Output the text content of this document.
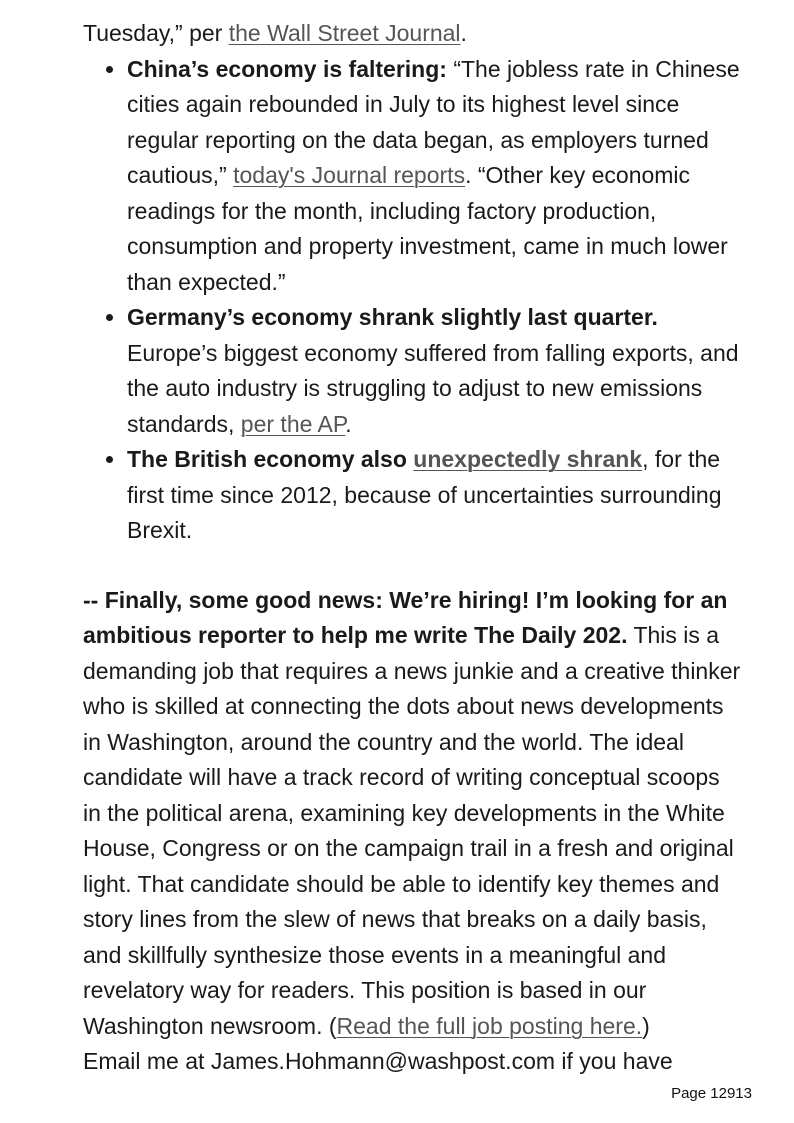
Tuesday,” per the Wall Street Journal.

• China’s economy is faltering: “The jobless rate in Chinese cities again rebounded in July to its highest level since regular reporting on the data began, as employers turned cautious,” today's Journal reports. “Other key economic readings for the month, including factory production, consumption and property investment, came in much lower than expected.”
• Germany’s economy shrank slightly last quarter. Europe’s biggest economy suffered from falling exports, and the auto industry is struggling to adjust to new emissions standards, per the AP.
• The British economy also unexpectedly shrank, for the first time since 2012, because of uncertainties surrounding Brexit.

-- Finally, some good news: We’re hiring! I’m looking for an ambitious reporter to help me write The Daily 202. This is a demanding job that requires a news junkie and a creative thinker who is skilled at connecting the dots about news developments in Washington, around the country and the world. The ideal candidate will have a track record of writing conceptual scoops in the political arena, examining key developments in the White House, Congress or on the campaign trail in a fresh and original light. That candidate should be able to identify key themes and story lines from the slew of news that breaks on a daily basis, and skillfully synthesize those events in a meaningful and revelatory way for readers. This position is based in our Washington newsroom. (Read the full job posting here.)

Email me at James.Hohmann@washpost.com if you have

Page 12913
